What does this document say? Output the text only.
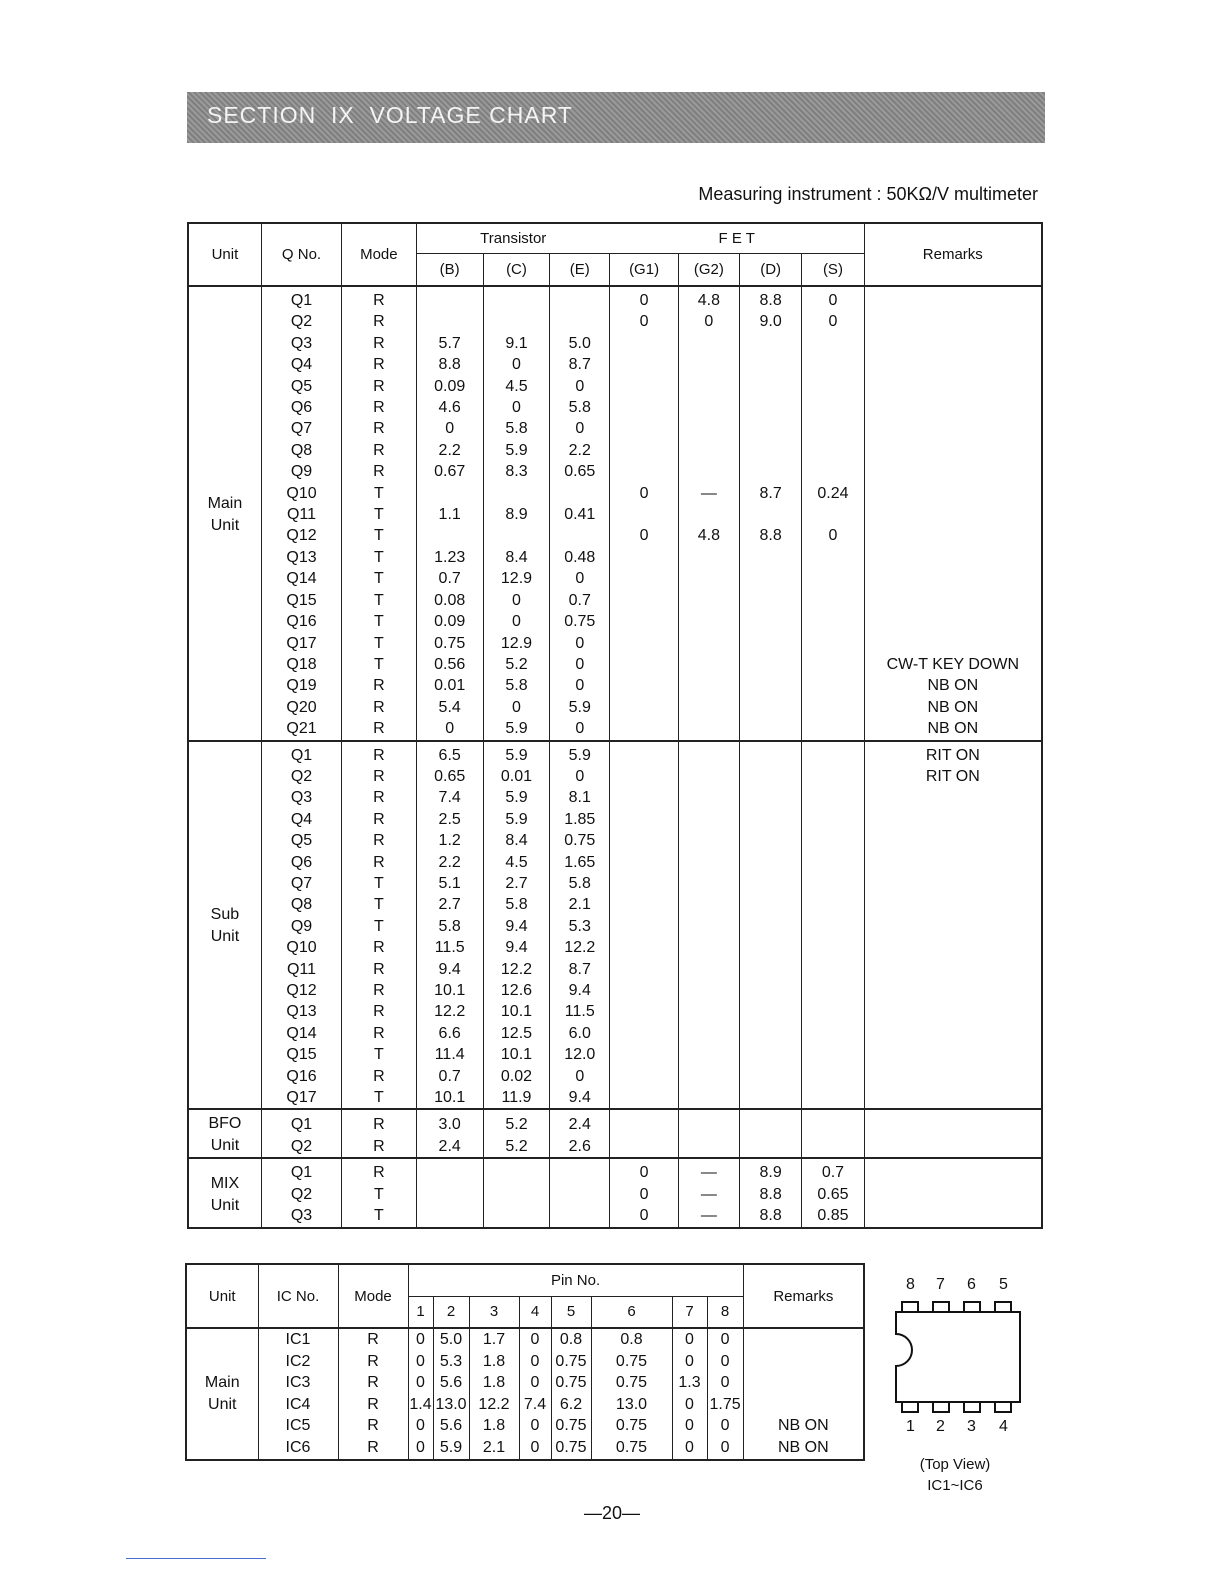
SECTION  IX  VOLTAGE CHART
Measuring instrument : 50KΩ/V multimeter
Unit	Q No.	Mode	Transistor			F E T				Remarks
			(B)	(C)	(E)	(G1)	(G2)	(D)	(S)	

Main
Unit	Q1	R				0	4.8	8.8	0	
	Q2	R				0	0	9.0	0	
	Q3	R	5.7	9.1	5.0					
	Q4	R	8.8	0	8.7					
	Q5	R	0.09	4.5	0					
	Q6	R	4.6	0	5.8					
	Q7	R	0	5.8	0					
	Q8	R	2.2	5.9	2.2					
	Q9	R	0.67	8.3	0.65					
	Q10	T				0	—	8.7	0.24	
	Q11	T	1.1	8.9	0.41					
	Q12	T				0	4.8	8.8	0	
	Q13	T	1.23	8.4	0.48					
	Q14	T	0.7	12.9	0					
	Q15	T	0.08	0	0.7					
	Q16	T	0.09	0	0.75					
	Q17	T	0.75	12.9	0					
	Q18	T	0.56	5.2	0					CW-T KEY DOWN
	Q19	R	0.01	5.8	0					NB ON
	Q20	R	5.4	0	5.9					NB ON
	Q21	R	0	5.9	0					NB ON

Sub
Unit	Q1	R	6.5	5.9	5.9					RIT ON
	Q2	R	0.65	0.01	0					RIT ON
	Q3	R	7.4	5.9	8.1					
	Q4	R	2.5	5.9	1.85					
	Q5	R	1.2	8.4	0.75					
	Q6	R	2.2	4.5	1.65					
	Q7	T	5.1	2.7	5.8					
	Q8	T	2.7	5.8	2.1					
	Q9	T	5.8	9.4	5.3					
	Q10	R	11.5	9.4	12.2					
	Q11	R	9.4	12.2	8.7					
	Q12	R	10.1	12.6	9.4					
	Q13	R	12.2	10.1	11.5					
	Q14	R	6.6	12.5	6.0					
	Q15	T	11.4	10.1	12.0					
	Q16	R	0.7	0.02	0					
	Q17	T	10.1	11.9	9.4					

BFO
Unit	Q1	R	3.0	5.2	2.4					
	Q2	R	2.4	5.2	2.6					

MIX
Unit	Q1	R				0	—	8.9	0.7	
	Q2	T				0	—	8.8	0.65	
	Q3	T				0	—	8.8	0.85	
Unit	IC No.	Mode	Pin No.								Remarks
			1	2	3	4	5	6	7	8	

Main
Unit	IC1	R	0	5.0	1.7	0	0.8	0.8	0	0	
	IC2	R	0	5.3	1.8	0	0.75	0.75	0	0	
	IC3	R	0	5.6	1.8	0	0.75	0.75	1.3	0	
	IC4	R	1.4	13.0	12.2	7.4	6.2	13.0	0	1.75	
	IC5	R	0	5.6	1.8	0	0.75	0.75	0	0	NB ON
	IC6	R	0	5.9	2.1	0	0.75	0.75	0	0	NB ON
8 7 6 5
1 2 3 4
(Top View)
IC1~IC6
—20—
